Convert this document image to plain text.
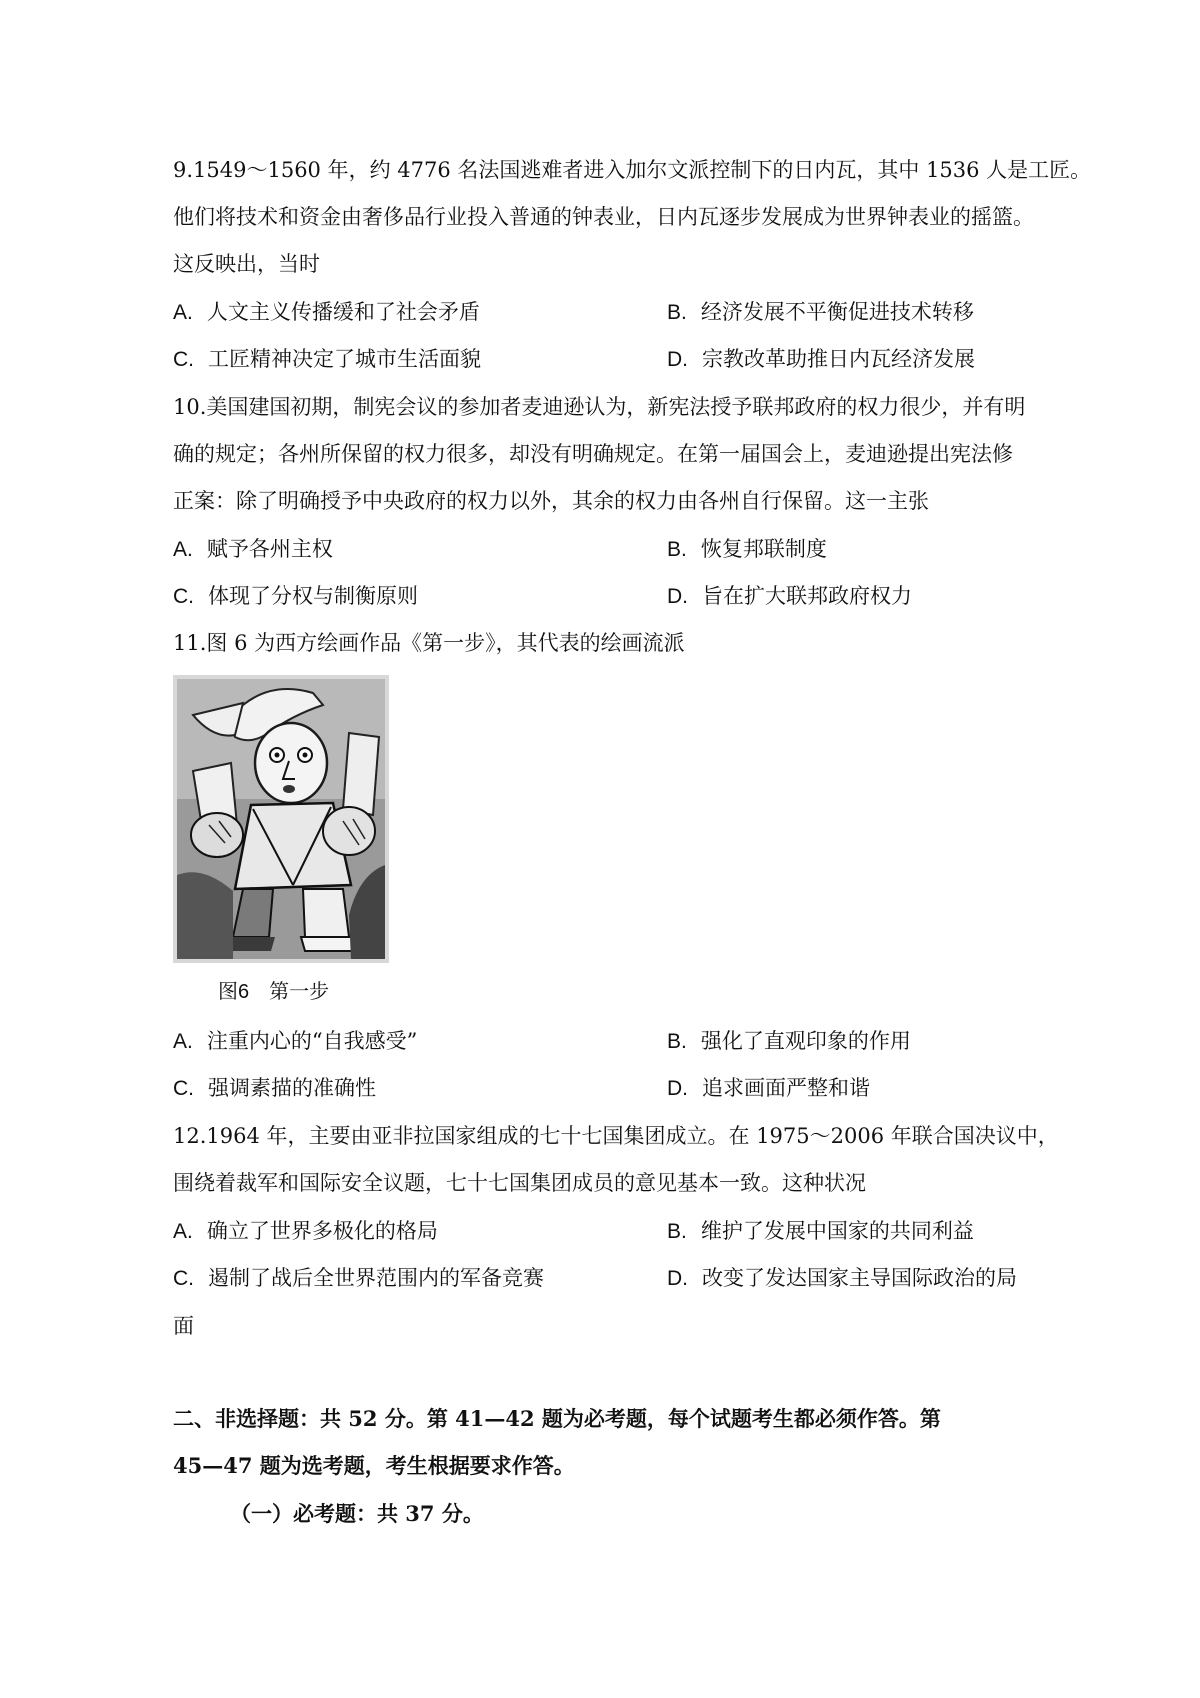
9.1549～1560 年，约 4776 名法国逃难者进入加尔文派控制下的日内瓦，其中 1536 人是工匠。
他们将技术和资金由奢侈品行业投入普通的钟表业，日内瓦逐步发展成为世界钟表业的摇篮。
这反映出，当时
A. 人文主义传播缓和了社会矛盾	B. 经济发展不平衡促进技术转移
C. 工匠精神决定了城市生活面貌	D. 宗教改革助推日内瓦经济发展
10.美国建国初期，制宪会议的参加者麦迪逊认为，新宪法授予联邦政府的权力很少，并有明
确的规定；各州所保留的权力很多，却没有明确规定。在第一届国会上，麦迪逊提出宪法修
正案：除了明确授予中央政府的权力以外，其余的权力由各州自行保留。这一主张
A. 赋予各州主权	B. 恢复邦联制度
C. 体现了分权与制衡原则	D. 旨在扩大联邦政府权力
11.图 6 为西方绘画作品《第一步》，其代表的绘画流派
图6　第一步
A. 注重内心的“自我感受”	B. 强化了直观印象的作用
C. 强调素描的准确性	D. 追求画面严整和谐
12.1964 年，主要由亚非拉国家组成的七十七国集团成立。在 1975～2006 年联合国决议中，
围绕着裁军和国际安全议题，七十七国集团成员的意见基本一致。这种状况
A. 确立了世界多极化的格局	B. 维护了发展中国家的共同利益
C. 遏制了战后全世界范围内的军备竞赛	D. 改变了发达国家主导国际政治的局
面
二、非选择题：共 52 分。第 41—42 题为必考题，每个试题考生都必须作答。第
45—47 题为选考题，考生根据要求作答。
（一）必考题：共 37 分。
